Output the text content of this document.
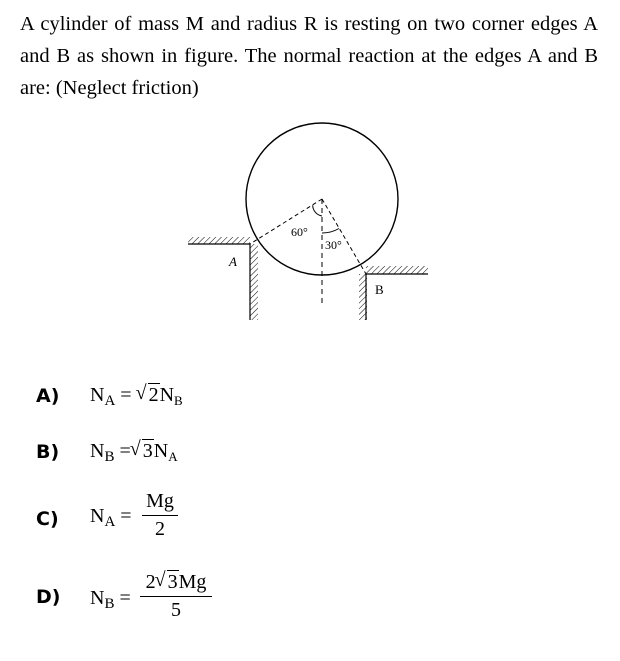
A cylinder of mass M and radius R is resting on two corner edges A and B as shown in figure. The normal reaction at the edges A and B are: (Neglect friction)
60°
30°
A
B
A) $N_A$ = √ $2N_B$
B) $N_B$ = √ $3N_A$
C) $N_A = \frac{Mg}{2}$
D) $N_B = \frac{2 √ 3Mg}{5}$
